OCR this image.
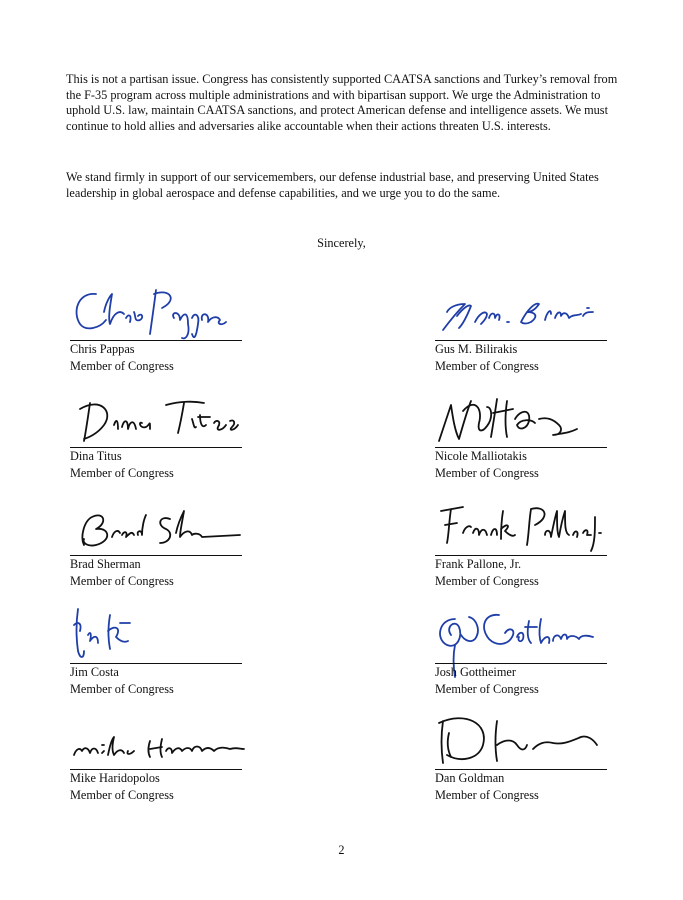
This is not a partisan issue. Congress has consistently supported CAATSA sanctions and Turkey’s removal from the F-35 program across multiple administrations and with bipartisan support. We urge the Administration to uphold U.S. law, maintain CAATSA sanctions, and protect American defense and intelligence assets. We must continue to hold allies and adversaries alike accountable when their actions threaten U.S. interests.

We stand firmly in support of our servicemembers, our defense industrial base, and preserving United States leadership in global aerospace and defense capabilities, and we urge you to do the same.

Sincerely,
Chris Pappas
Member of Congress
Gus M. Bilirakis
Member of Congress
Dina Titus
Member of Congress
Nicole Malliotakis
Member of Congress
Brad Sherman
Member of Congress
Frank Pallone, Jr.
Member of Congress
Jim Costa
Member of Congress
Josh Gottheimer
Member of Congress
Mike Haridopolos
Member of Congress
Dan Goldman
Member of Congress
2
